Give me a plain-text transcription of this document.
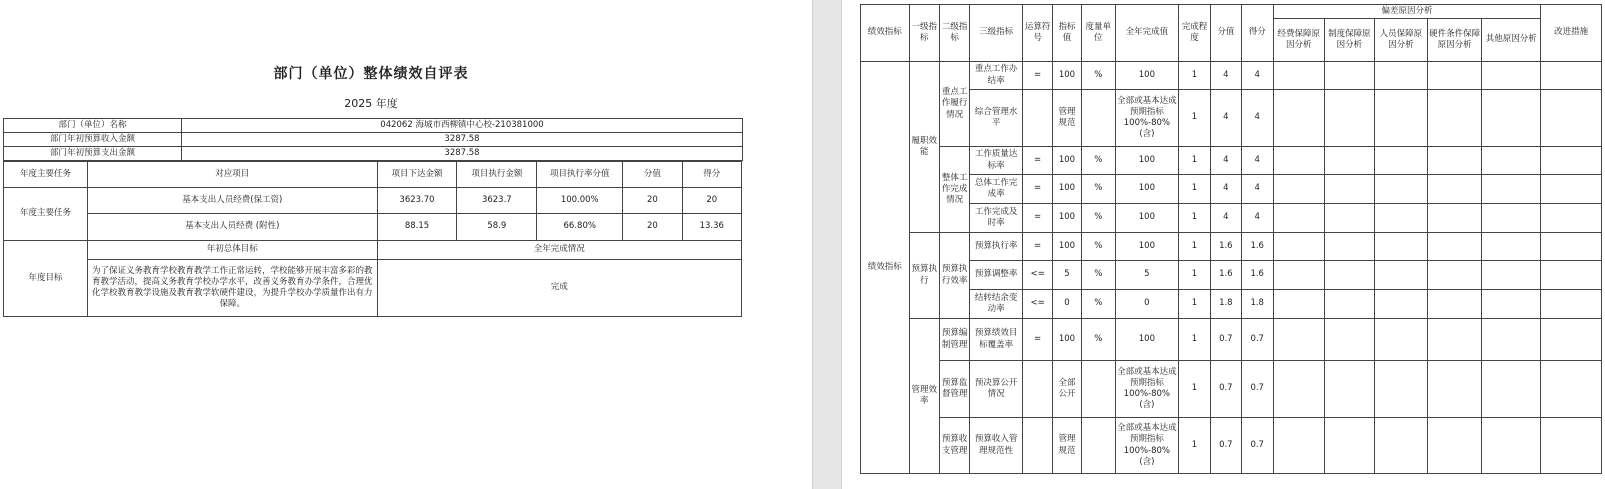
部门（单位）整体绩效自评表
2025 年度
部门（单位）名称	042062 海城市西柳镇中心校-210381000
部门年初预算收入金额	3287.58
部门年初预算支出金额	3287.58
年度主要任务	对应项目	项目下达金额	项目执行金额	项目执行率分值	分值	得分
年度主要任务	基本支出人员经费(保工资)	3623.70	3623.7	100.00%	20	20
	基本支出人员经费 (附性)	88.15	58.9	66.80%	20	13.36
年度目标	年初总体目标	全年完成情况				
	为了保证义务教育学校教育教学工作正常运转，学校能够开展丰富多彩的教育教学活动，提高义务教育学校办学水平，改善义务教育办学条件，合理优化学校教育教学设施及教育教学软硬件建设，为提升学校办学质量作出有力保障。	完成				
绩效指标	一级指标	二级指标	三级指标	运算符号	指标值	度量单位	全年完成值	完成程度	分值	得分	偏差原因分析					改进措施
											经费保障原因分析	制度保障原因分析	人员保障原因分析	硬件条件保障原因分析	其他原因分析	
绩效指标	履职效能	重点工作履行情况	重点工作办结率	=	100	%	100	1	4	4						
			综合管理水平		管理规范		全部或基本达成预期指标 100%-80%(含)	1	4	4						
		整体工作完成情况	工作质量达标率	=	100	%	100	1	4	4						
			总体工作完成率	=	100	%	100	1	4	4						
			工作完成及时率	=	100	%	100	1	4	4						
	预算执行	预算执行效率	预算执行率	=	100	%	100	1	1.6	1.6						
			预算调整率	<=	5	%	5	1	1.6	1.6						
			结转结余变动率	<=	0	%	0	1	1.8	1.8						
	管理效率	预算编制管理	预算绩效目标覆盖率	=	100	%	100	1	0.7	0.7						
		预算监督管理	预决算公开情况		全部公开		全部或基本达成预期指标 100%-80%(含)	1	0.7	0.7						
		预算收支管理	预算收入管理规范性		管理规范		全部或基本达成预期指标 100%-80%(含)	1	0.7	0.7						
